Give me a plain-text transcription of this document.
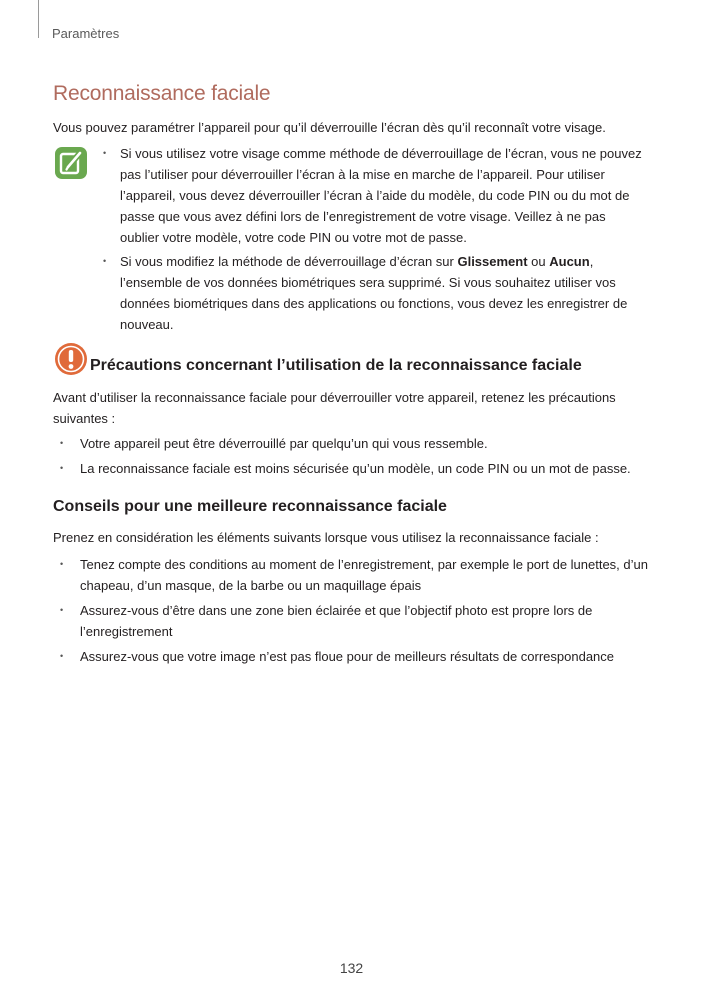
Paramètres
Reconnaissance faciale

Vous pouvez paramétrer l’appareil pour qu’il déverrouille l’écran dès qu’il reconnaît votre visage.

• Si vous utilisez votre visage comme méthode de déverrouillage de l’écran, vous ne pouvez pas l’utiliser pour déverrouiller l’écran à la mise en marche de l’appareil. Pour utiliser l’appareil, vous devez déverrouiller l’écran à l’aide du modèle, du code PIN ou du mot de passe que vous avez défini lors de l’enregistrement de votre visage. Veillez à ne pas oublier votre modèle, votre code PIN ou votre mot de passe.
• Si vous modifiez la méthode de déverrouillage d’écran sur Glissement ou Aucun, l’ensemble de vos données biométriques sera supprimé. Si vous souhaitez utiliser vos données biométriques dans des applications ou fonctions, vous devez les enregistrer de nouveau.
Précautions concernant l’utilisation de la reconnaissance faciale

Avant d’utiliser la reconnaissance faciale pour déverrouiller votre appareil, retenez les précautions suivantes :

• Votre appareil peut être déverrouillé par quelqu’un qui vous ressemble.
• La reconnaissance faciale est moins sécurisée qu’un modèle, un code PIN ou un mot de passe.
Conseils pour une meilleure reconnaissance faciale

Prenez en considération les éléments suivants lorsque vous utilisez la reconnaissance faciale :

• Tenez compte des conditions au moment de l’enregistrement, par exemple le port de lunettes, d’un chapeau, d’un masque, de la barbe ou un maquillage épais
• Assurez-vous d’être dans une zone bien éclairée et que l’objectif photo est propre lors de l’enregistrement
• Assurez-vous que votre image n’est pas floue pour de meilleurs résultats de correspondance
132
